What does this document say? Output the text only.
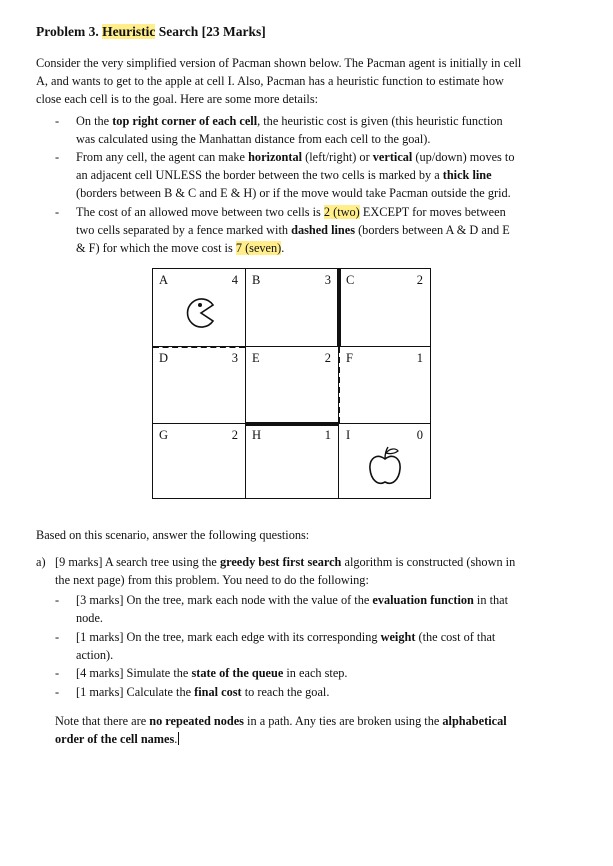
Problem 3. Heuristic Search [23 Marks]
Consider the very simplified version of Pacman shown below. The Pacman agent is initially in cell
A, and wants to get to the apple at cell I. Also, Pacman has a heuristic function to estimate how
close each cell is to the goal. Here are some more details:
- On the top right corner of each cell, the heuristic cost is given (this heuristic function
was calculated using the Manhattan distance from each cell to the goal).
- From any cell, the agent can make horizontal (left/right) or vertical (up/down) moves to
an adjacent cell UNLESS the border between the two cells is marked by a thick line
(borders between B & C and E & H) or if the move would take Pacman outside the grid.
- The cost of an allowed move between two cells is 2 (two) EXCEPT for moves between
two cells separated by a fence marked with dashed lines (borders between A & D and E
& F) for which the move cost is 7 (seven).
A	4 B	3 C	2
D	3 E	2 F	1
G	2 H	1 I	0
Based on this scenario, answer the following questions:
a) [9 marks] A search tree using the greedy best first search algorithm is constructed (shown in
the next page) from this problem. You need to do the following:
- [3 marks] On the tree, mark each node with the value of the evaluation function in that
node.
- [1 marks] On the tree, mark each edge with its corresponding weight (the cost of that
action).
- [4 marks] Simulate the state of the queue in each step.
- [1 marks] Calculate the final cost to reach the goal.
Note that there are no repeated nodes in a path. Any ties are broken using the alphabetical
order of the cell names.
